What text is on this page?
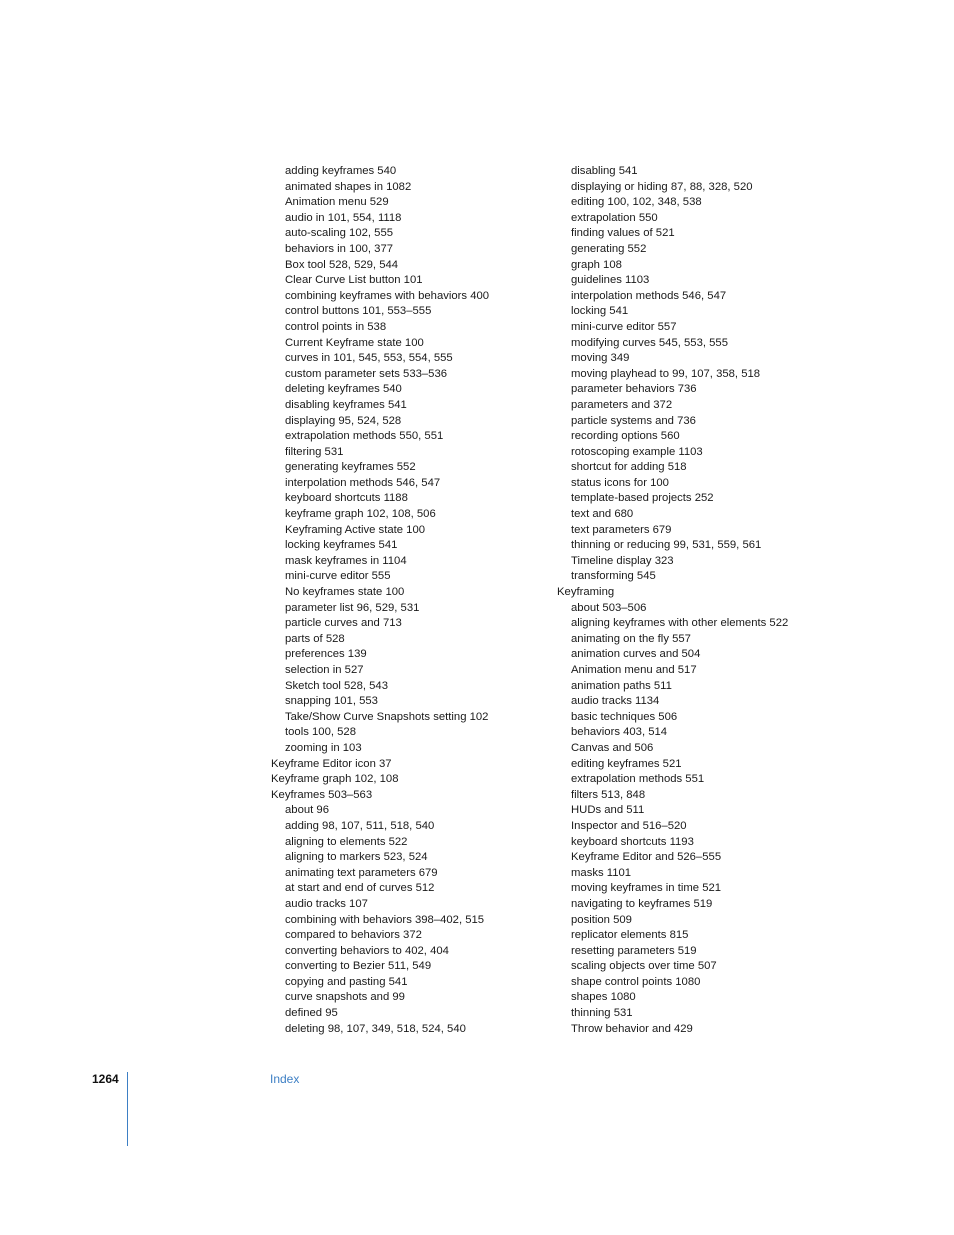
adding keyframes 540
animated shapes in 1082
Animation menu 529
audio in 101, 554, 1118
auto-scaling 102, 555
behaviors in 100, 377
Box tool 528, 529, 544
Clear Curve List button 101
combining keyframes with behaviors 400
control buttons 101, 553–555
control points in 538
Current Keyframe state 100
curves in 101, 545, 553, 554, 555
custom parameter sets 533–536
deleting keyframes 540
disabling keyframes 541
displaying 95, 524, 528
extrapolation methods 550, 551
filtering 531
generating keyframes 552
interpolation methods 546, 547
keyboard shortcuts 1188
keyframe graph 102, 108, 506
Keyframing Active state 100
locking keyframes 541
mask keyframes in 1104
mini-curve editor 555
No keyframes state 100
parameter list 96, 529, 531
particle curves and 713
parts of 528
preferences 139
selection in 527
Sketch tool 528, 543
snapping 101, 553
Take/Show Curve Snapshots setting 102
tools 100, 528
zooming in 103
Keyframe Editor icon 37
Keyframe graph 102, 108
Keyframes 503–563
about 96
adding 98, 107, 511, 518, 540
aligning to elements 522
aligning to markers 523, 524
animating text parameters 679
at start and end of curves 512
audio tracks 107
combining with behaviors 398–402, 515
compared to behaviors 372
converting behaviors to 402, 404
converting to Bezier 511, 549
copying and pasting 541
curve snapshots and 99
defined 95
deleting 98, 107, 349, 518, 524, 540
disabling 541
displaying or hiding 87, 88, 328, 520
editing 100, 102, 348, 538
extrapolation 550
finding values of 521
generating 552
graph 108
guidelines 1103
interpolation methods 546, 547
locking 541
mini-curve editor 557
modifying curves 545, 553, 555
moving 349
moving playhead to 99, 107, 358, 518
parameter behaviors 736
parameters and 372
particle systems and 736
recording options 560
rotoscoping example 1103
shortcut for adding 518
status icons for 100
template-based projects 252
text and 680
text parameters 679
thinning or reducing 99, 531, 559, 561
Timeline display 323
transforming 545
Keyframing
about 503–506
aligning keyframes with other elements 522
animating on the fly 557
animation curves and 504
Animation menu and 517
animation paths 511
audio tracks 1134
basic techniques 506
behaviors 403, 514
Canvas and 506
editing keyframes 521
extrapolation methods 551
filters 513, 848
HUDs and 511
Inspector and 516–520
keyboard shortcuts 1193
Keyframe Editor and 526–555
masks 1101
moving keyframes in time 521
navigating to keyframes 519
position 509
replicator elements 815
resetting parameters 519
scaling objects over time 507
shape control points 1080
shapes 1080
thinning 531
Throw behavior and 429
1264	Index
